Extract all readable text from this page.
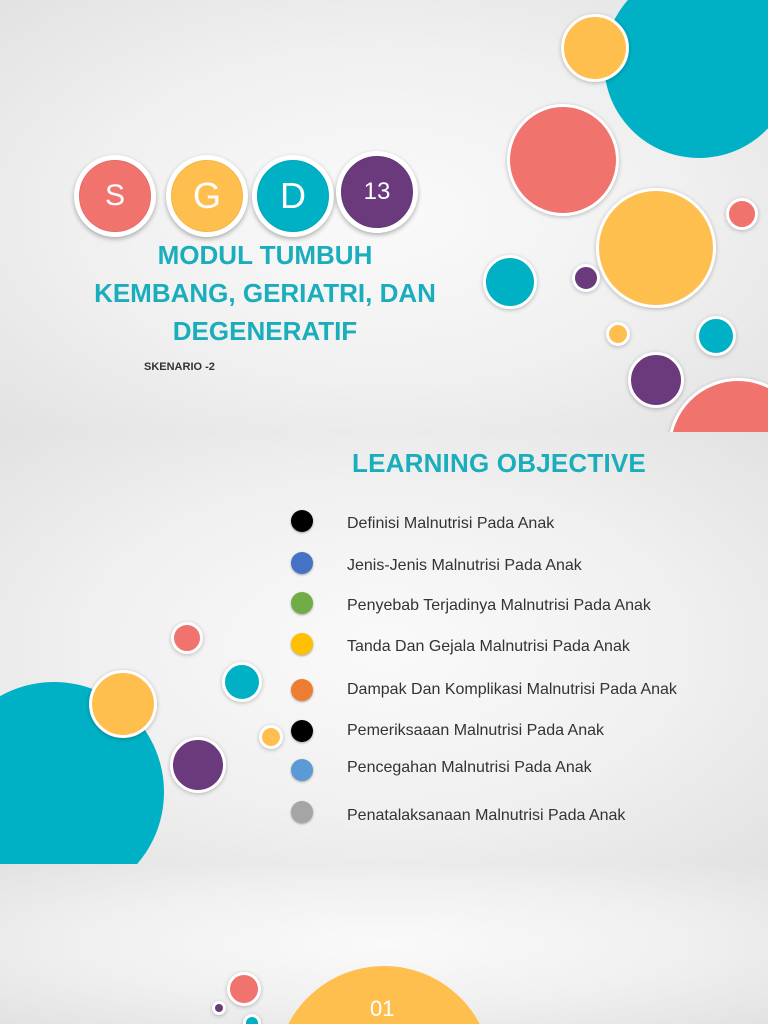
S	G	D	13
MODUL TUMBUH
KEMBANG, GERIATRI, DAN
DEGENERATIF
SKENARIO -2
LEARNING OBJECTIVE
Definisi Malnutrisi Pada Anak
Jenis-Jenis Malnutrisi Pada Anak
Penyebab Terjadinya Malnutrisi Pada Anak
Tanda Dan Gejala Malnutrisi Pada Anak
Dampak Dan Komplikasi Malnutrisi Pada Anak
Pemeriksaaan Malnutrisi Pada Anak
Pencegahan Malnutrisi Pada Anak
Penatalaksanaan Malnutrisi Pada Anak
01
